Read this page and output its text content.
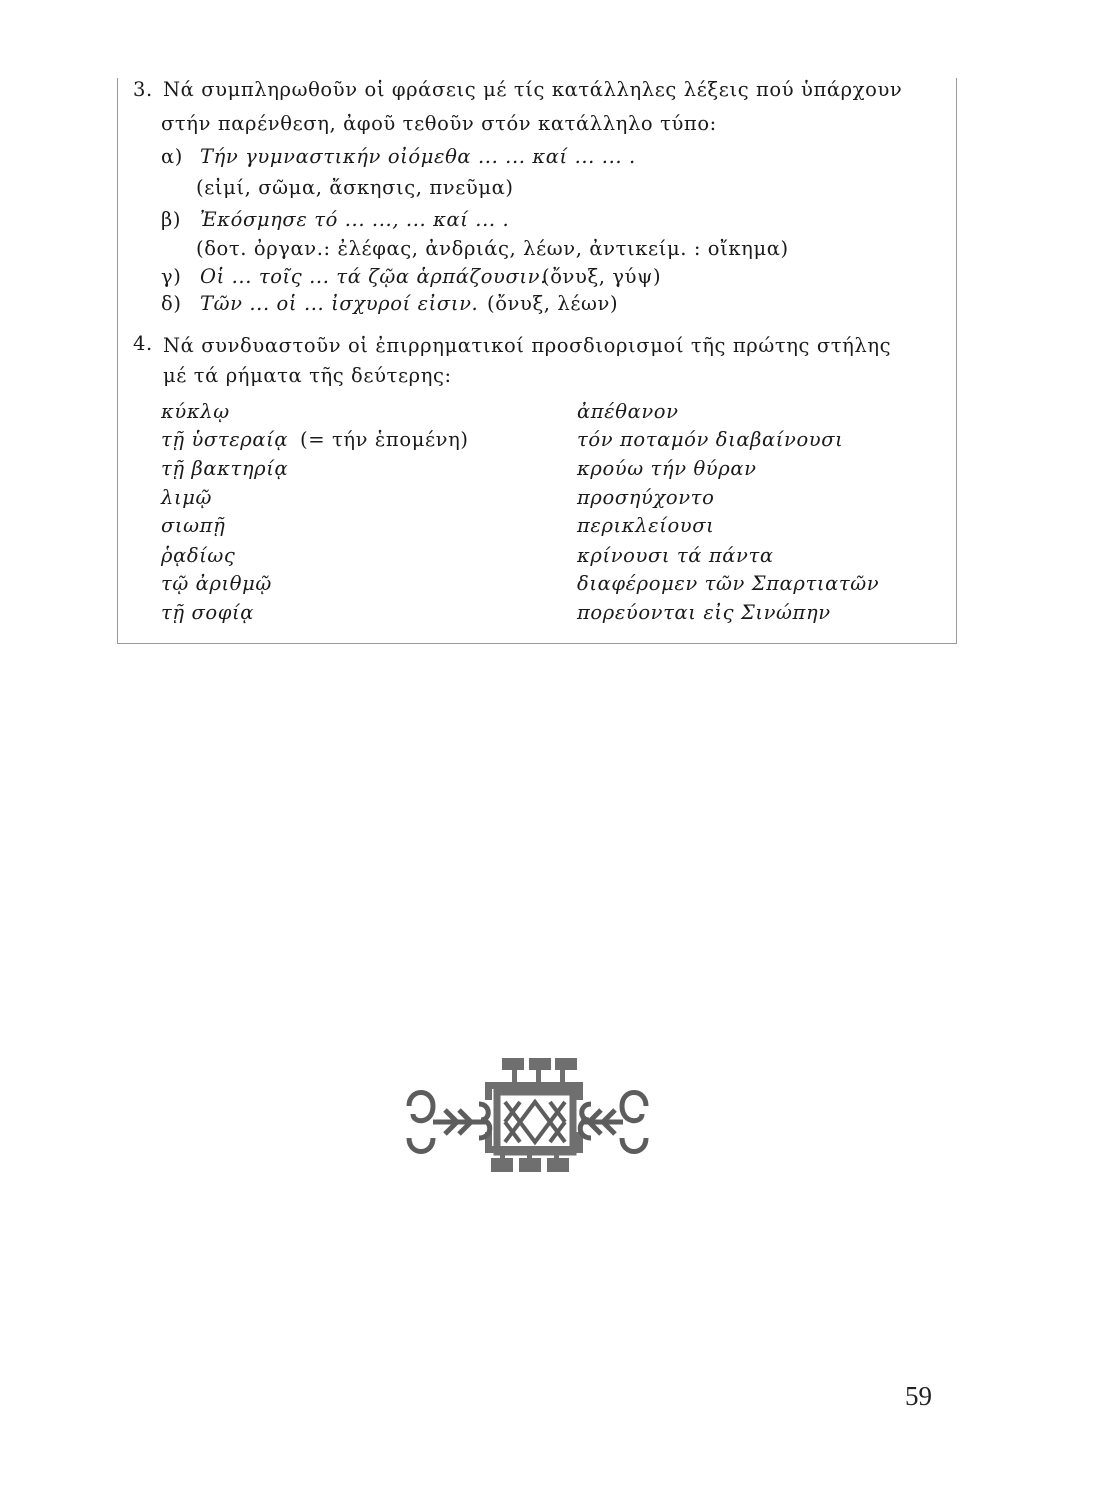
3. Νά συμπληρωθοῦν οἱ φράσεις μέ τίς κατάλληλες λέξεις πού ὑπάρχουν
στήν παρένθεση, ἀφοῦ τεθοῦν στόν κατάλληλο τύπο:
α) Τήν γυμναστικήν οἰόμεθα ... ... καί ... ... .
(εἰμί, σῶμα, ἄσκησις, πνεῦμα)
β) Ἐκόσμησε τό ... ..., ... καί ... .
(δοτ. ὀργαν.: ἐλέφας, ἀνδριάς, λέων, ἀντικείμ. : οἴκημα)
γ) Οἱ ... τοῖς ... τά ζῷα ἁρπάζουσιν.
(ὄνυξ, γύψ)
δ) Τῶν ... οἱ ... ἰσχυροί εἰσιν. (ὄνυξ, λέων)
4. Νά συνδυαστοῦν οἱ ἐπιρρηματικοί προσδιορισμοί τῆς πρώτης στήλης
μέ τά ρήματα τῆς δεύτερης:
κύκλῳ
τῇ ὑστεραίᾳ (= τήν ἑπομένη)
τῇ βακτηρίᾳ
λιμῷ
σιωπῇ
ῥᾳδίως
τῷ ἀριθμῷ
τῇ σοφίᾳ
ἀπέθανον
τόν ποταμόν διαβαίνουσι
κρούω τήν θύραν
προσηύχοντο
περικλείουσι
κρίνουσι τά πάντα
διαφέρομεν τῶν Σπαρτιατῶν
πορεύονται εἰς Σινώπην
59
